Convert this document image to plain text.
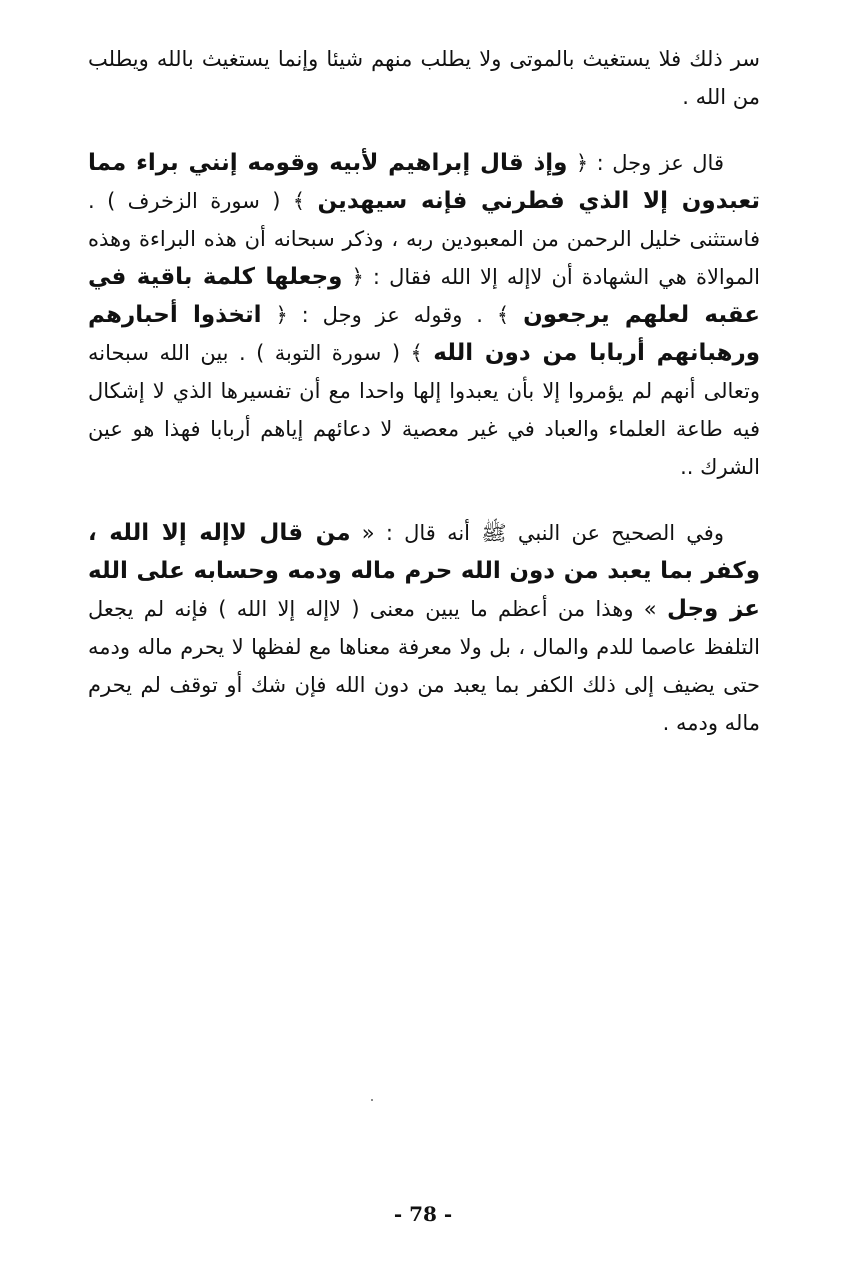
سر ذلك فلا يستغيث بالموتى ولا يطلب منهم شيئا وإنما يستغيث بالله ويطلب من الله .

قال عز وجل : ﴿ وإذ قال إبراهيم لأبيه وقومه إنني براء مما تعبدون إلا الذي فطرني فإنه سيهدين ﴾ ( سورة الزخرف ) . فاستثنى خليل الرحمن من المعبودين ربه ، وذكر سبحانه أن هذه البراءة وهذه الموالاة هي الشهادة أن لاإله إلا الله فقال : ﴿ وجعلها كلمة باقية في عقبه لعلهم يرجعون ﴾ . وقوله عز وجل : ﴿ اتخذوا أحبارهم ورهبانهم أربابا من دون الله ﴾ ( سورة التوبة ) . بين الله سبحانه وتعالى أنهم لم يؤمروا إلا بأن يعبدوا إلها واحدا مع أن تفسيرها الذي لا إشكال فيه طاعة العلماء والعباد في غير معصية لا دعائهم إياهم أربابا فهذا هو عين الشرك ..

وفي الصحيح عن النبي ﷺ أنه قال : « من قال لاإله إلا الله ، وكفر بما يعبد من دون الله حرم ماله ودمه وحسابه على الله عز وجل » وهذا من أعظم ما يبين معنى ( لاإله إلا الله ) فإنه لم يجعل التلفظ عاصما للدم والمال ، بل ولا معرفة معناها مع لفظها لا يحرم ماله ودمه حتى يضيف إلى ذلك الكفر بما يعبد من دون الله فإن شك أو توقف لم يحرم ماله ودمه .

- 78 -
